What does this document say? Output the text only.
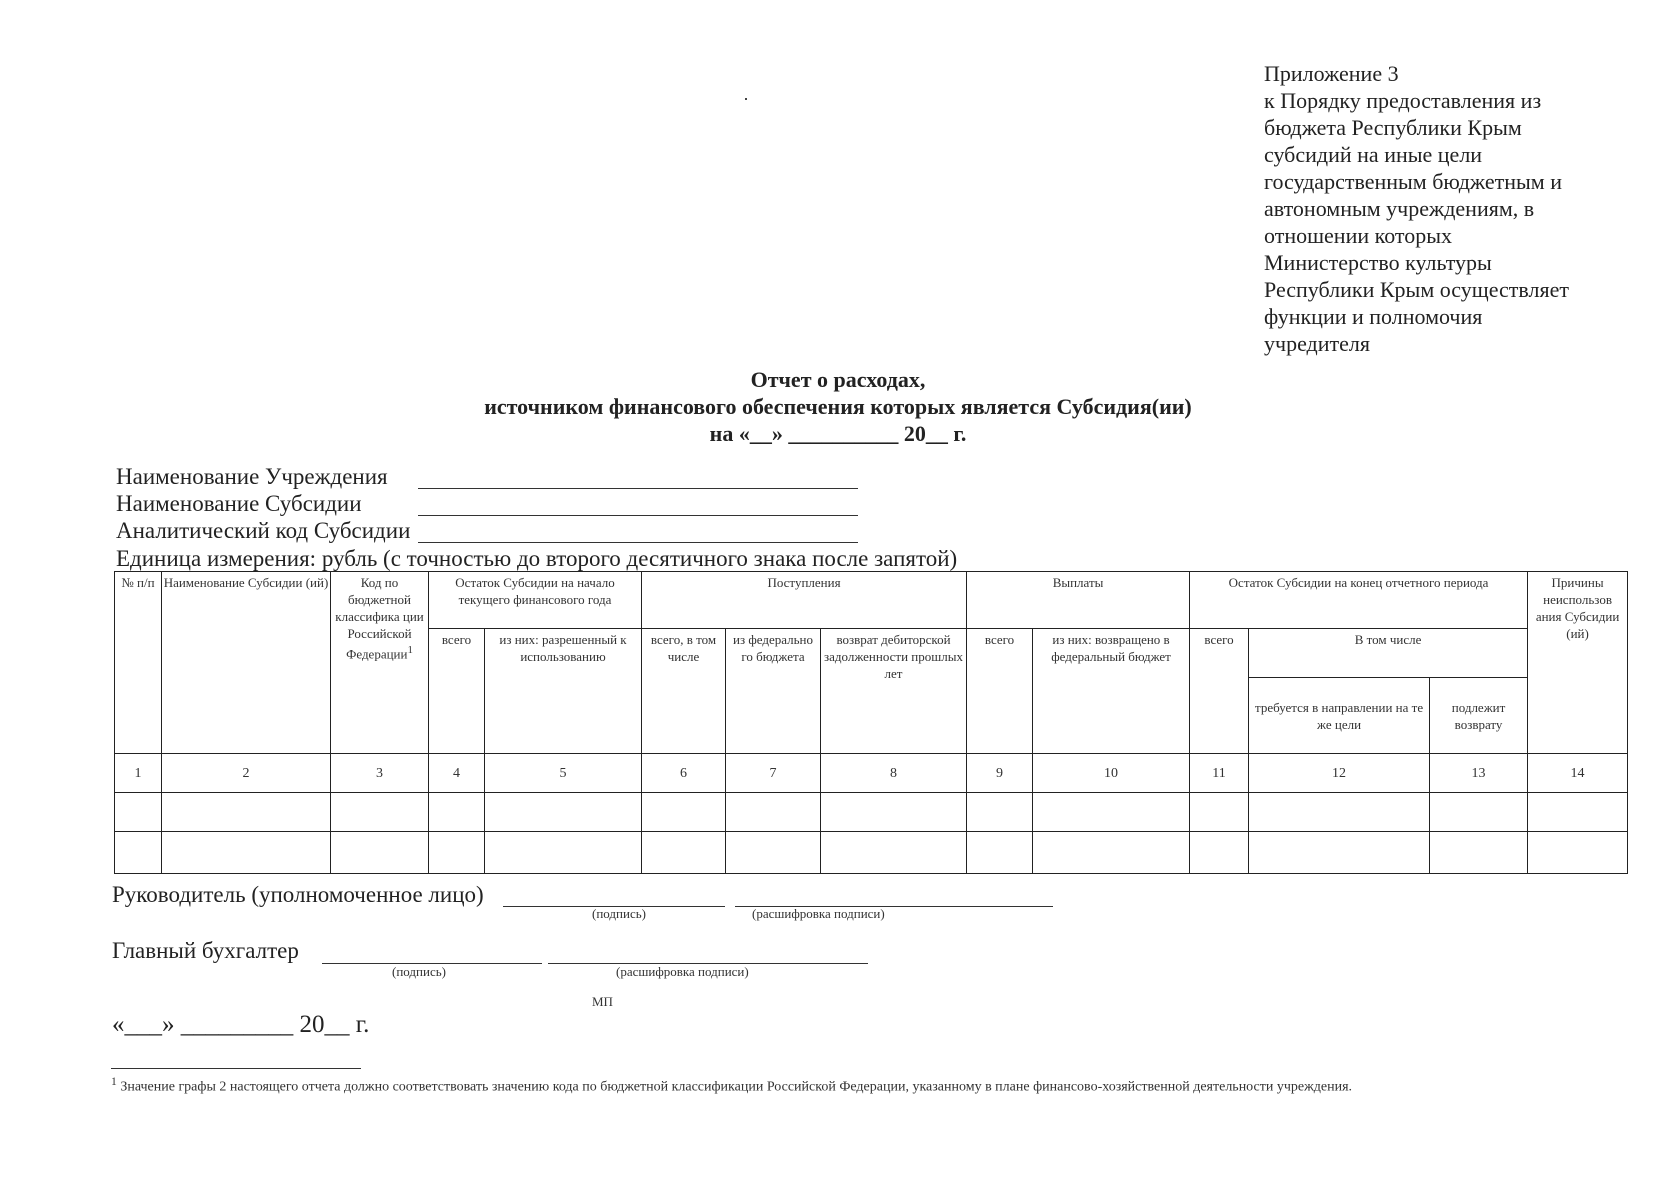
Приложение 3
к Порядку предоставления из
бюджета Республики Крым
субсидий на иные цели
государственным бюджетным и
автономным учреждениям, в
отношении которых
Министерство культуры
Республики Крым осуществляет
функции и полномочия
учредителя
Отчет о расходах,
источником финансового обеспечения которых является Субсидия(ии)
на «__» __________ 20__ г.
Наименование Учреждения
Наименование Субсидии
Аналитический код Субсидии
Единица измерения: рубль (с точностью до второго десятичного знака после запятой)
№ п/п	Наименование Субсидии (ий)	Код по бюджетной классифика ции Российской Федерации$^1$	Остаток Субсидии на начало текущего финансового года		Поступления			Выплаты		Остаток Субсидии на конец отчетного периода			Причины неиспользов ания Субсидии (ий)
			всего	из них: разрешенный к использованию	всего, в том числе	из федерально го бюджета	возврат дебиторской задолженности прошлых лет	всего	из них: возвращено в федеральный бюджет	всего	В том числе		
											требуется в направлении на те же цели	подлежит возврату	
1	2	3	4	5	6	7	8	9	10	11	12	13	14

Руководитель (уполномоченное лицо)
(подпись)	(расшифровка подписи)
Главный бухгалтер
(подпись)	(расшифровка подписи)
МП
«___» _________ 20__ г.
$^1$ Значение графы 2 настоящего отчета должно соответствовать значению кода по бюджетной классификации Российской Федерации, указанному в плане финансово-хозяйственной деятельности учреждения.
